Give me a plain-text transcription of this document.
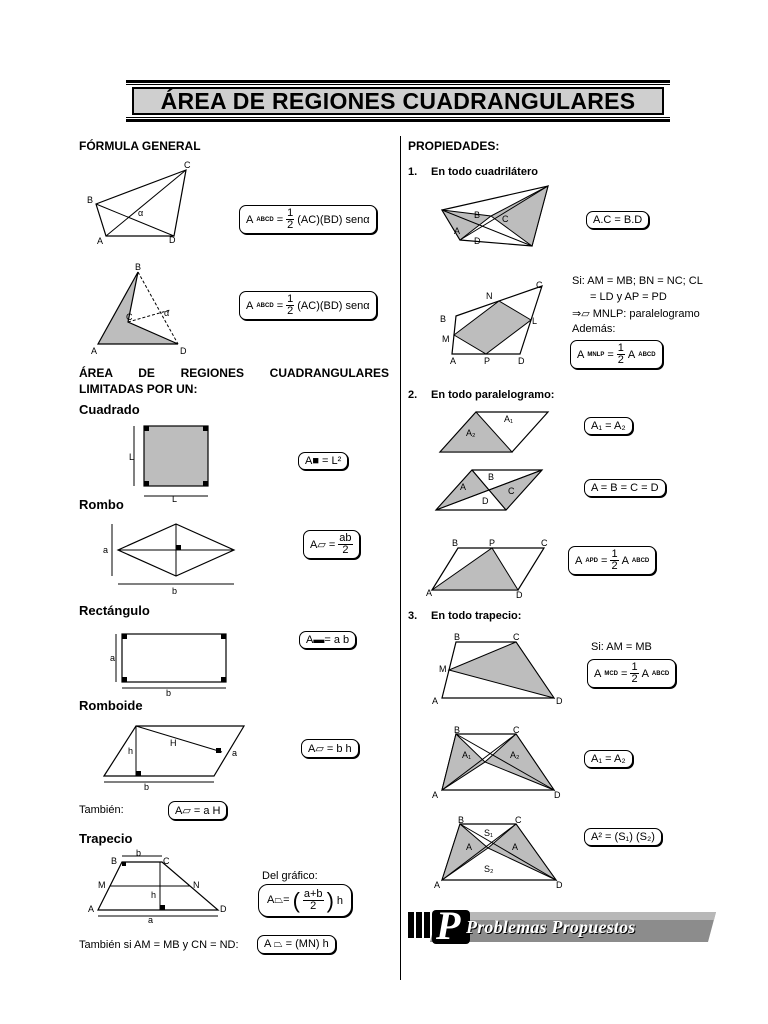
ÁREA DE REGIONES CUADRANGULARES
FÓRMULA GENERAL
C
B
A	D
α
A ABCD = $\frac{1}{2} (AC)(BD)$ senα
B
C
A	D
α
A ABCD = $\frac{1}{2} (AC)(BD)$ senα
ÁREA DE REGIONES CUADRANGULARES
LIMITADAS POR UN:
Cuadrado
L
L
A■ = L²
Rombo
a
b
A▱ = $\frac{ab}{2}$
Rectángulo
a
b
A▬= a b
Romboide
h
H
a
b
A▱ = b h
También:	A▱ = a H
Trapecio
b
B	C
M	N
h
A	D
a
Del gráfico:
A⏢= ( $\frac{a+b}{2}$ ) h
También si AM = MB y CN = ND:	A ⏢ = (MN) h
PROPIEDADES:
1. En todo cuadrilátero
B C
A
D
A.C = B.D
C
N
B	L
M
A	P	D
Si: AM = MB; BN = NC; CL
= LD y AP = PD
⇒▱ MNLP: paralelogramo
Además:
A MNLP = $\frac{1}{2}$ A ABCD
2. En todo paralelogramo:
A₂
A₁
A₁ = A₂
B
A	C
D
A = B = C = D
B	P	C
A	D
A APD = $\frac{1}{2}$ A ABCD
3. En todo trapecio:
B	C
M
A	D
Si: AM = MB
A MCD = $\frac{1}{2}$ A ABCD
B	C
A₁	A₂
A	D
A₁ = A₂
B	C
S₁
A	A
S₂
A	D
A² = (S₁) (S₂)
P Problemas Propuestos
